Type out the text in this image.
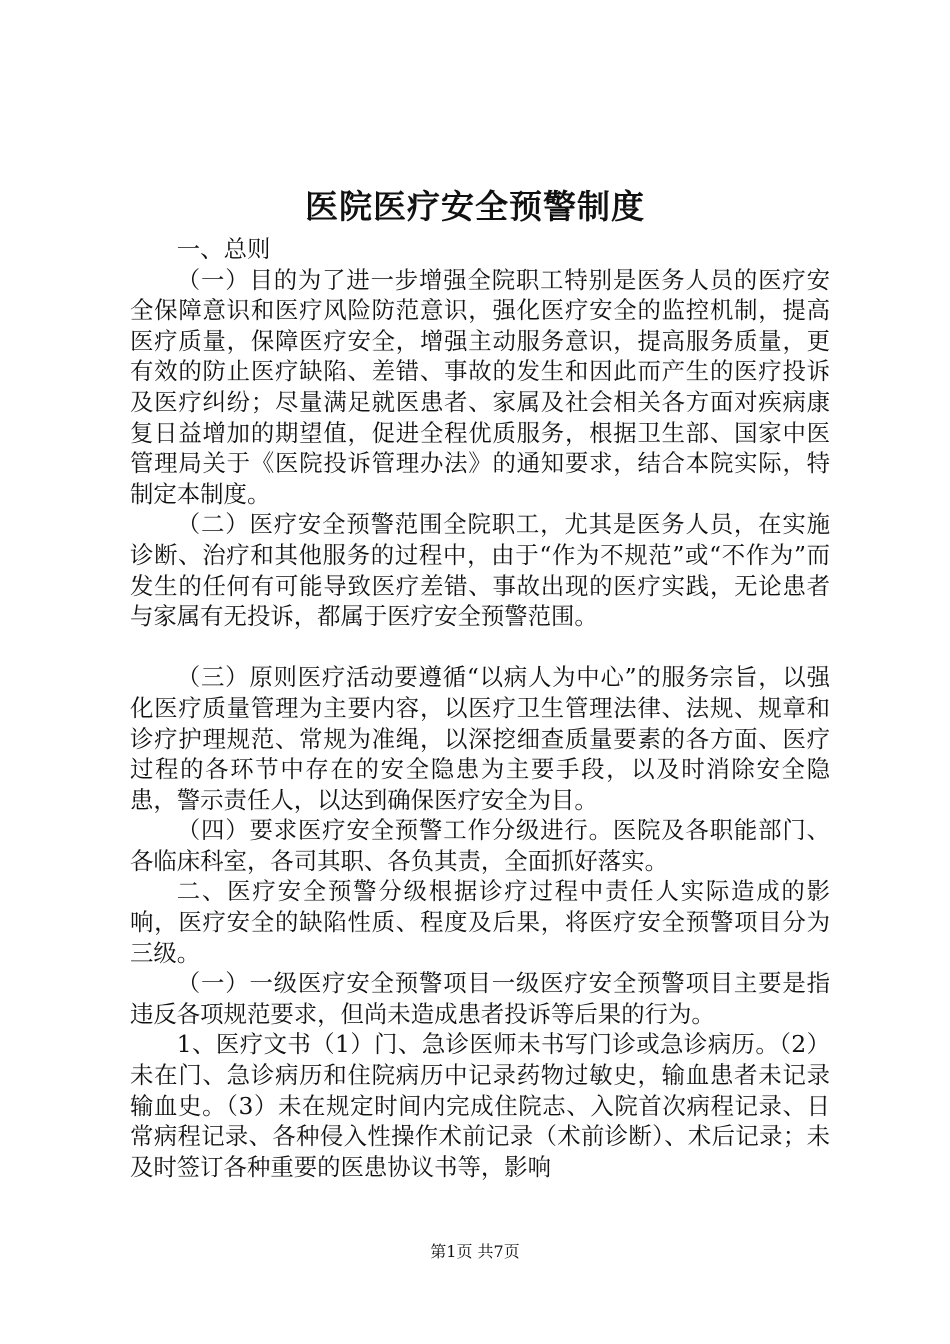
医院医疗安全预警制度

一、总则

（一）目的为了进一步增强全院职工特别是医务人员的医疗安全保障意识和医疗风险防范意识，强化医疗安全的监控机制，提高医疗质量，保障医疗安全，增强主动服务意识，提高服务质量，更有效的防止医疗缺陷、差错、事故的发生和因此而产生的医疗投诉及医疗纠纷；尽量满足就医患者、家属及社会相关各方面对疾病康复日益增加的期望值，促进全程优质服务，根据卫生部、国家中医管理局关于《医院投诉管理办法》的通知要求，结合本院实际，特制定本制度。

（二）医疗安全预警范围全院职工，尤其是医务人员，在实施诊断、治疗和其他服务的过程中，由于“作为不规范”或“不作为”而发生的任何有可能导致医疗差错、事故出现的医疗实践，无论患者与家属有无投诉，都属于医疗安全预警范围。

（三）原则医疗活动要遵循“以病人为中心”的服务宗旨，以强化医疗质量管理为主要内容，以医疗卫生管理法律、法规、规章和诊疗护理规范、常规为准绳，以深挖细查质量要素的各方面、医疗过程的各环节中存在的安全隐患为主要手段，以及时消除安全隐患，警示责任人，以达到确保医疗安全为目。

（四）要求医疗安全预警工作分级进行。医院及各职能部门、各临床科室，各司其职、各负其责，全面抓好落实。

二、医疗安全预警分级根据诊疗过程中责任人实际造成的影响，医疗安全的缺陷性质、程度及后果，将医疗安全预警项目分为三级。

（一）一级医疗安全预警项目一级医疗安全预警项目主要是指违反各项规范要求，但尚未造成患者投诉等后果的行为。

1、医疗文书（1）门、急诊医师未书写门诊或急诊病历。（2）未在门、急诊病历和住院病历中记录药物过敏史，输血患者未记录输血史。（3）未在规定时间内完成住院志、入院首次病程记录、日常病程记录、各种侵入性操作术前记录（术前诊断）、术后记录；未及时签订各种重要的医患协议书等，影响

第1页 共7页
